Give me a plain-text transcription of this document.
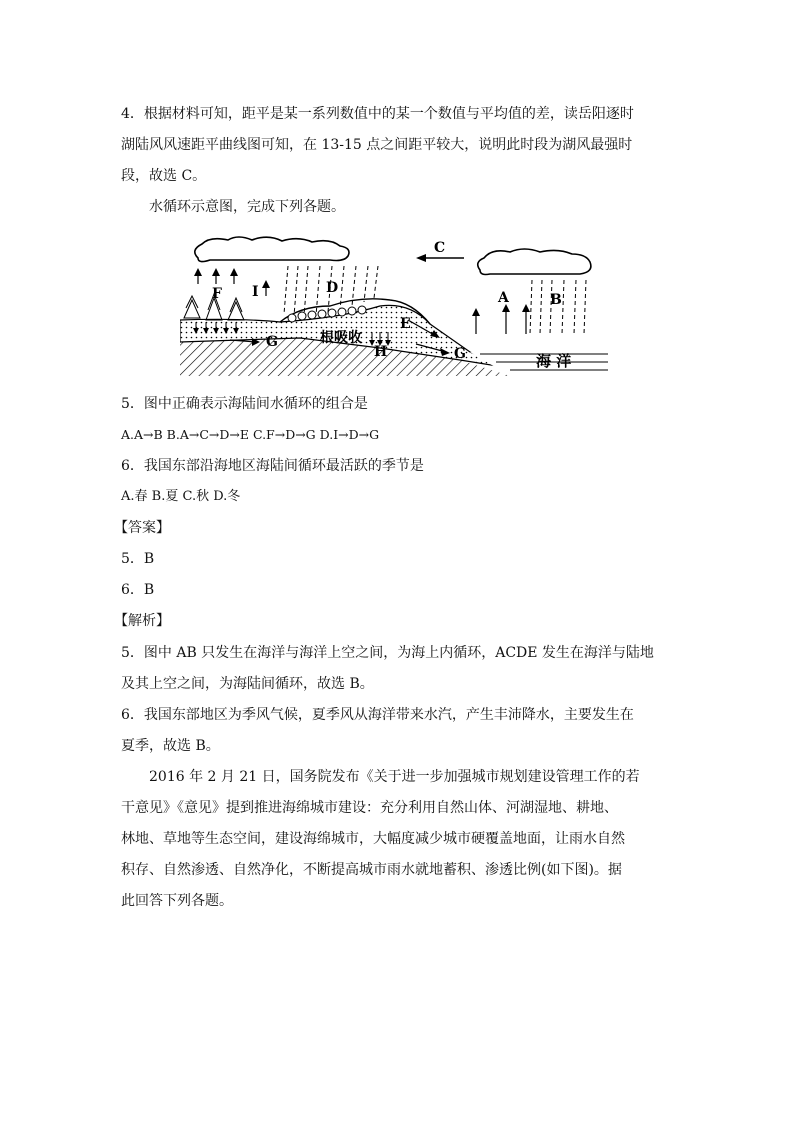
4．根据材料可知，距平是某一系列数值中的某一个数值与平均值的差，读岳阳逐时
湖陆风风速距平曲线图可知，在 13-15 点之间距平较大，说明此时段为湖风最强时
段，故选 C。
水循环示意图，完成下列各题。
C
D
B
A
F I
G	根吸收
H
E
G	海 洋
5．图中正确表示海陆间水循环的组合是
A.A→B B.A→C→D→E C.F→D→G D.I→D→G
6．我国东部沿海地区海陆间循环最活跃的季节是
A.春 B.夏 C.秋 D.冬
【答案】
5．B
6．B
【解析】
5．图中 AB 只发生在海洋与海洋上空之间，为海上内循环，ACDE 发生在海洋与陆地
及其上空之间，为海陆间循环，故选 B。
6．我国东部地区为季风气候，夏季风从海洋带来水汽，产生丰沛降水，主要发生在
夏季，故选 B。
2016 年 2 月 21 日，国务院发布《关于进一步加强城市规划建设管理工作的若
干意见》《意见》提到推进海绵城市建设：充分利用自然山体、河湖湿地、耕地、
林地、草地等生态空间，建设海绵城市，大幅度减少城市硬覆盖地面，让雨水自然
积存、自然渗透、自然净化，不断提高城市雨水就地蓄积、渗透比例(如下图)。据
此回答下列各题。
